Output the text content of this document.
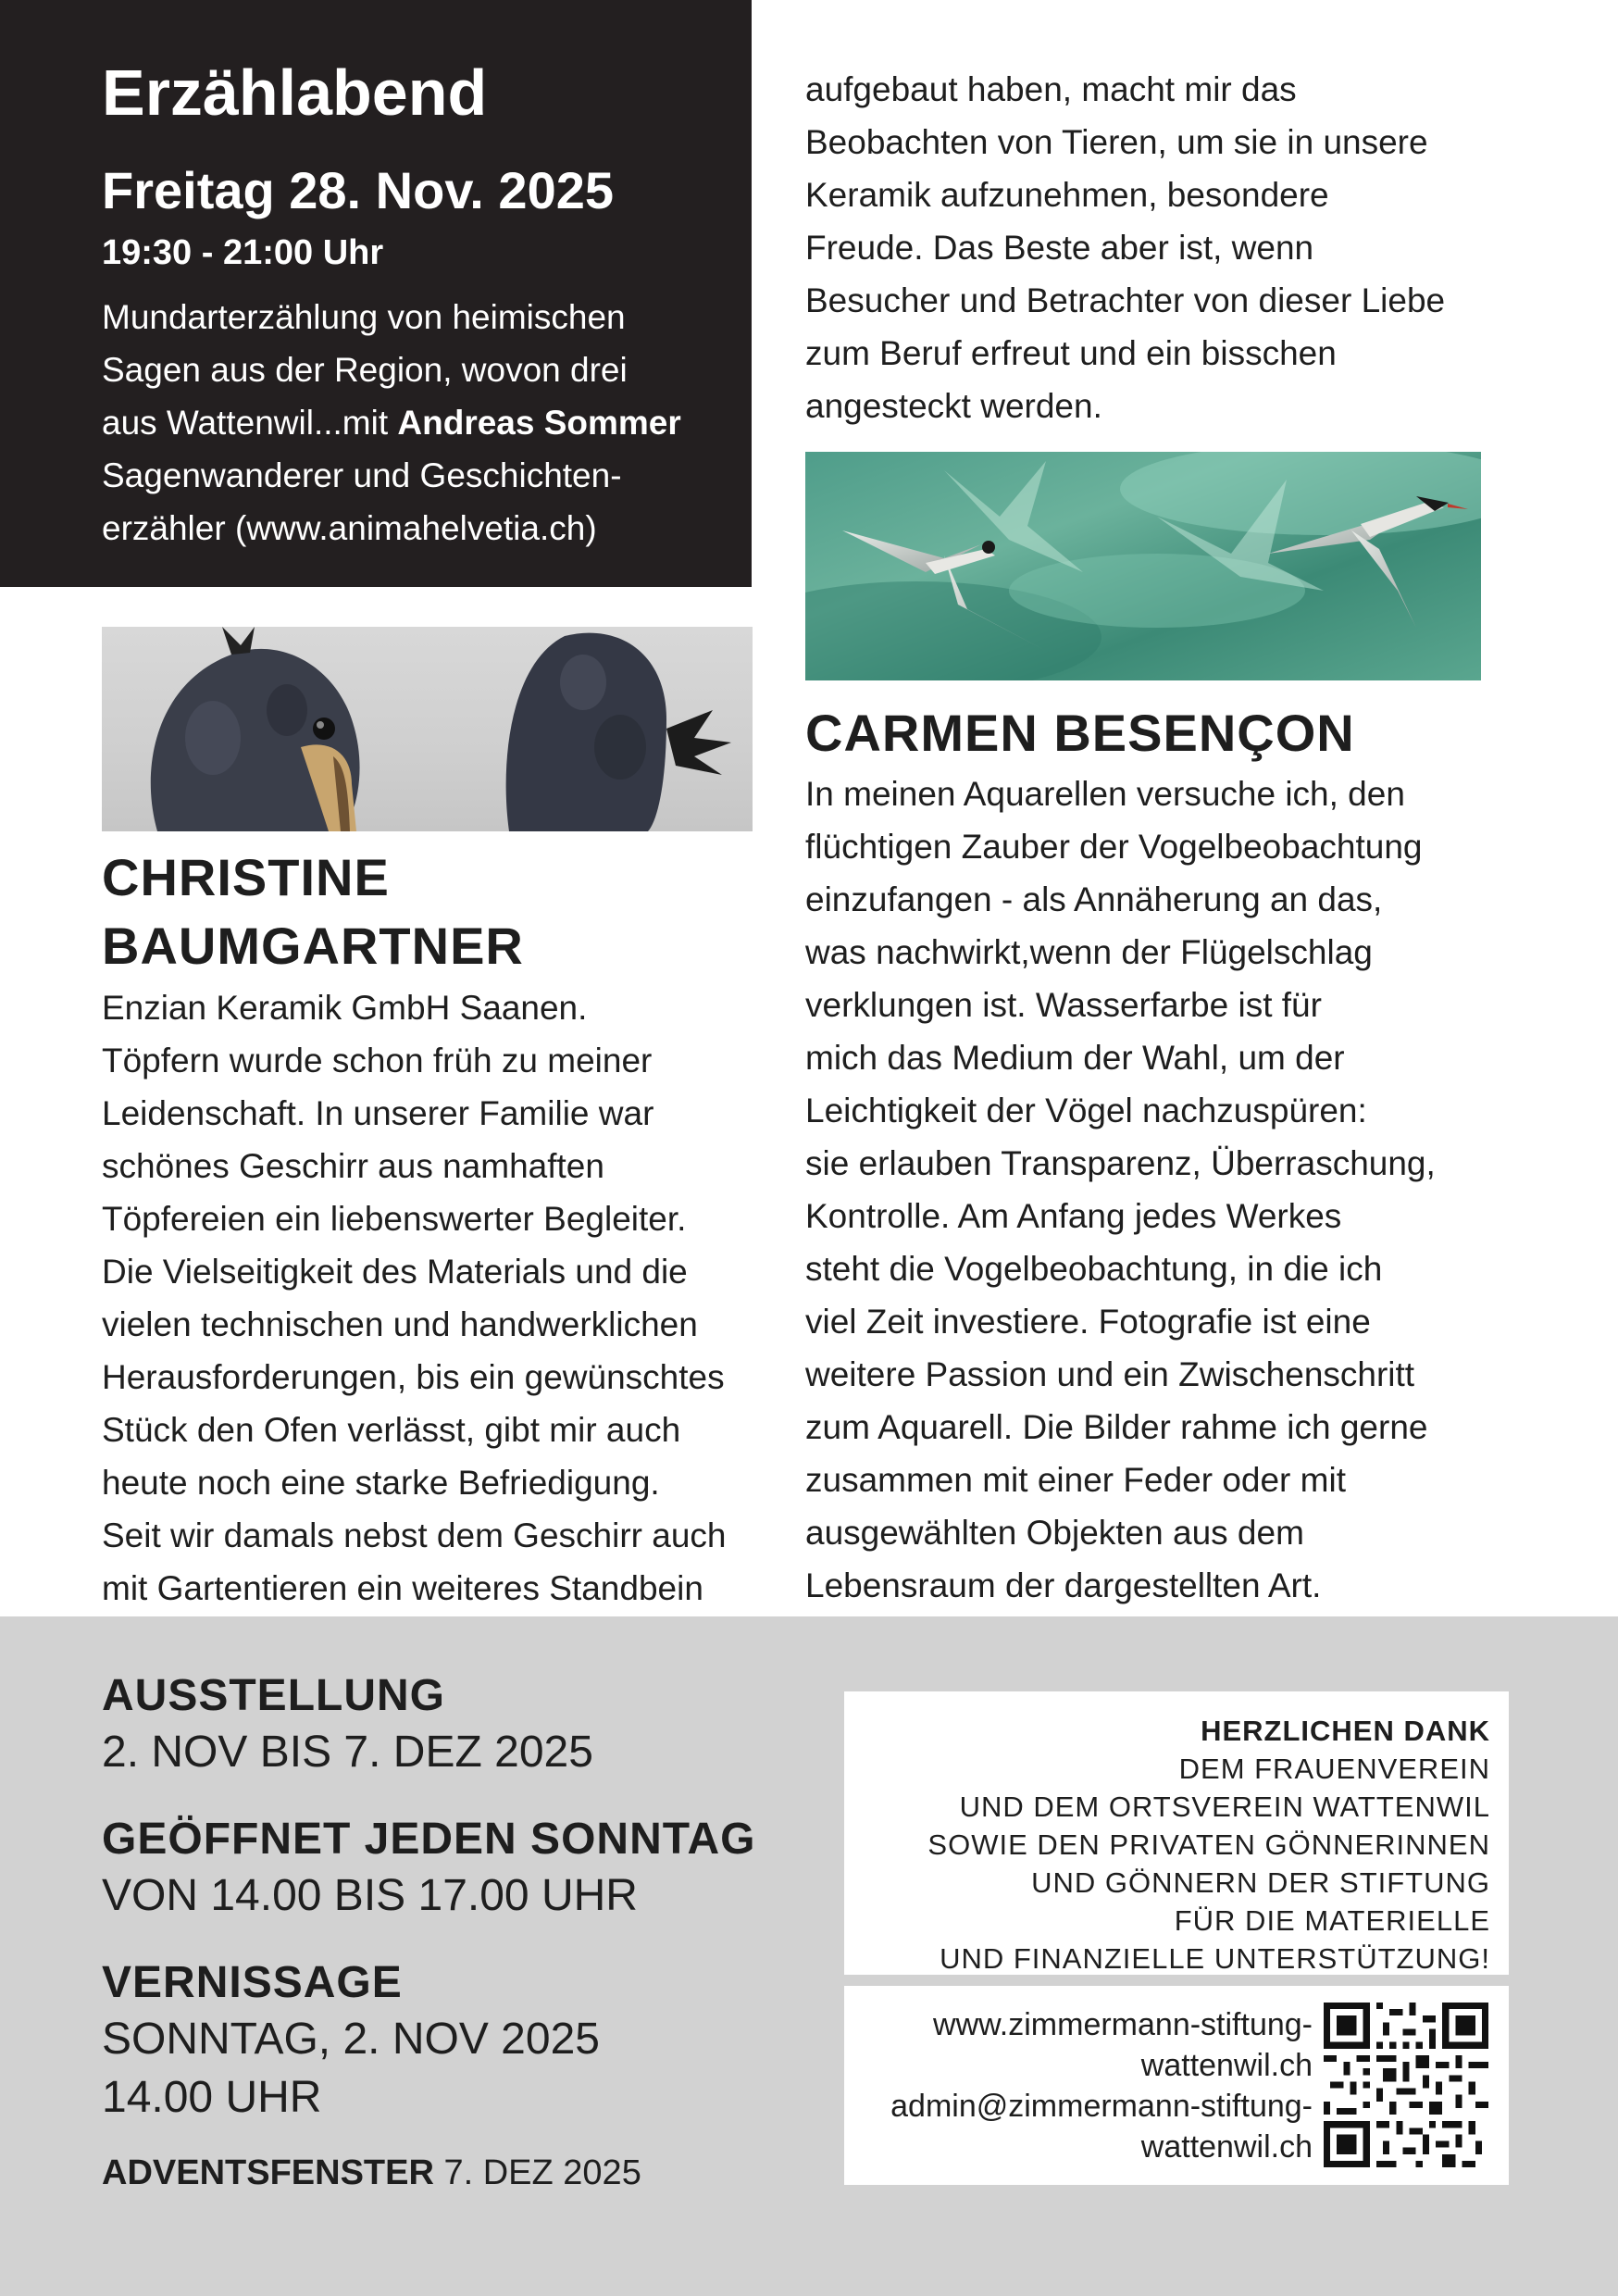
Erzählabend
Freitag 28. Nov. 2025
19:30 - 21:00 Uhr
Mundarterzählung von heimischen
Sagen aus der Region, wovon drei
aus Wattenwil...mit Andreas Sommer
Sagenwanderer und Geschichten-
erzähler (www.animahelvetia.ch)
aufgebaut haben, macht mir das
Beobachten von Tieren, um sie in unsere
Keramik aufzunehmen, besondere
Freude. Das Beste aber ist, wenn
Besucher und Betrachter von dieser Liebe
zum Beruf erfreut und ein bisschen
angesteckt werden.
CHRISTINE
BAUMGARTNER
Enzian Keramik GmbH Saanen.
Töpfern wurde schon früh zu meiner
Leidenschaft. In unserer Familie war
schönes Geschirr aus namhaften
Töpfereien ein liebenswerter Begleiter.
Die Vielseitigkeit des Materials und die
vielen technischen und handwerklichen
Herausforderungen, bis ein gewünschtes
Stück den Ofen verlässt, gibt mir auch
heute noch eine starke Befriedigung.
Seit wir damals nebst dem Geschirr auch
mit Gartentieren ein weiteres Standbein
CARMEN BESENÇON
In meinen Aquarellen versuche ich, den
flüchtigen Zauber der Vogelbeobachtung
einzufangen - als Annäherung an das,
was nachwirkt,wenn der Flügelschlag
verklungen ist. Wasserfarbe ist für
mich das Medium der Wahl, um der
Leichtigkeit der Vögel nachzuspüren:
sie erlauben Transparenz, Überraschung,
Kontrolle. Am Anfang jedes Werkes
steht die Vogelbeobachtung, in die ich
viel Zeit investiere. Fotografie ist eine
weitere Passion und ein Zwischenschritt
zum Aquarell. Die Bilder rahme ich gerne
zusammen mit einer Feder oder mit
ausgewählten Objekten aus dem
Lebensraum der dargestellten Art.
AUSSTELLUNG
2. NOV BIS 7. DEZ 2025
GEÖFFNET JEDEN SONNTAG
VON 14.00 BIS 17.00 UHR
VERNISSAGE
SONNTAG, 2. NOV 2025
14.00 UHR
ADVENTSFENSTER 7. DEZ 2025
HERZLICHEN DANK
DEM FRAUENVEREIN
UND DEM ORTSVEREIN WATTENWIL
SOWIE DEN PRIVATEN GÖNNERINNEN
UND GÖNNERN DER STIFTUNG
FÜR DIE MATERIELLE
UND FINANZIELLE UNTERSTÜTZUNG!
www.zimmermann-stiftung-
wattenwil.ch
admin@zimmermann-stiftung-
wattenwil.ch
